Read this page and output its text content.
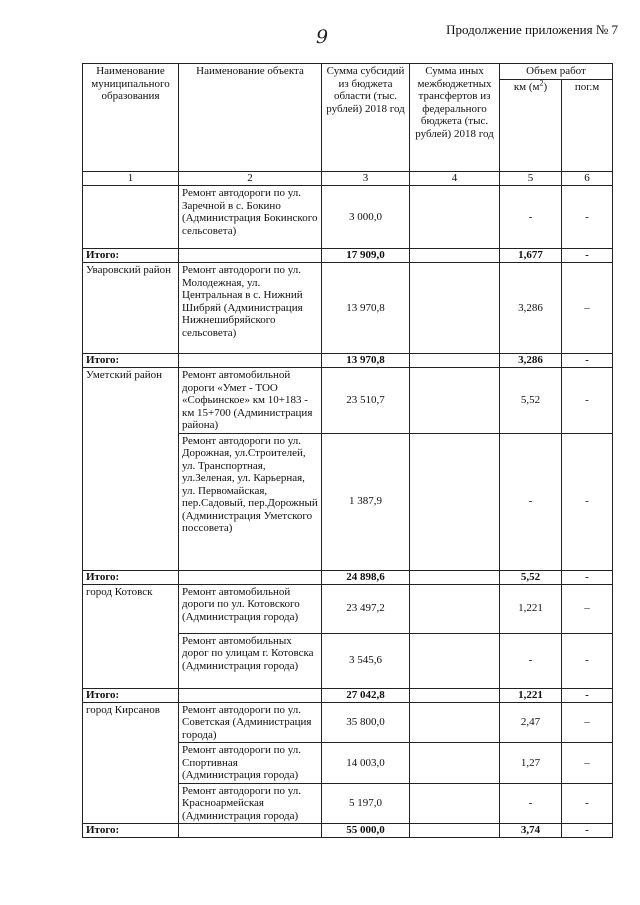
9	Продолжение приложения № 7
Наименование муниципального образования	Наименование объекта	Сумма субсидий из бюджета области (тыс. рублей) 2018 год	Сумма иных межбюджетных трансфертов из федерального бюджета (тыс. рублей) 2018 год	Объем работ	
				км $(м^2)$	пог.м
1	2	3	4	5	6
	Ремонт автодороги по ул. Заречной в с. Бокино (Администрация Бокинского сельсовета)	3 000,0		-	-
Итого:		17 909,0		1,677	-
Уваровский район	Ремонт автодороги по ул. Молодежная, ул. Центральная в с. Нижний Шибряй (Администрация Нижнешибряйского сельсовета)	13 970,8		3,286	–
Итого:		13 970,8		3,286	-
Уметский район	Ремонт автомобильной дороги «Умет - ТОО «Софьинское» км 10+183 - км 15+700 (Администрация района)	23 510,7		5,52	-
	Ремонт автодороги по ул. Дорожная, ул.Строителей, ул. Транспортная, ул.Зеленая, ул. Карьерная, ул. Первомайская, пер.Садовый, пер.Дорожный (Администрация Уметского поссовета)	1 387,9		-	-
Итого:		24 898,6		5,52	-
город Котовск	Ремонт автомобильной дороги по ул. Котовского (Администрация города)	23 497,2		1,221	–
	Ремонт автомобильных дорог по улицам г. Котовска (Администрация города)	3 545,6		-	-
Итого:		27 042,8		1,221	-
город Кирсанов	Ремонт автодороги по ул. Советская (Администрация города)	35 800,0		2,47	–
	Ремонт автодороги по ул. Спортивная (Администрация города)	14 003,0		1,27	–
	Ремонт автодороги по ул. Красноармейская (Администрация города)	5 197,0		-	-
Итого:		55 000,0		3,74	-
